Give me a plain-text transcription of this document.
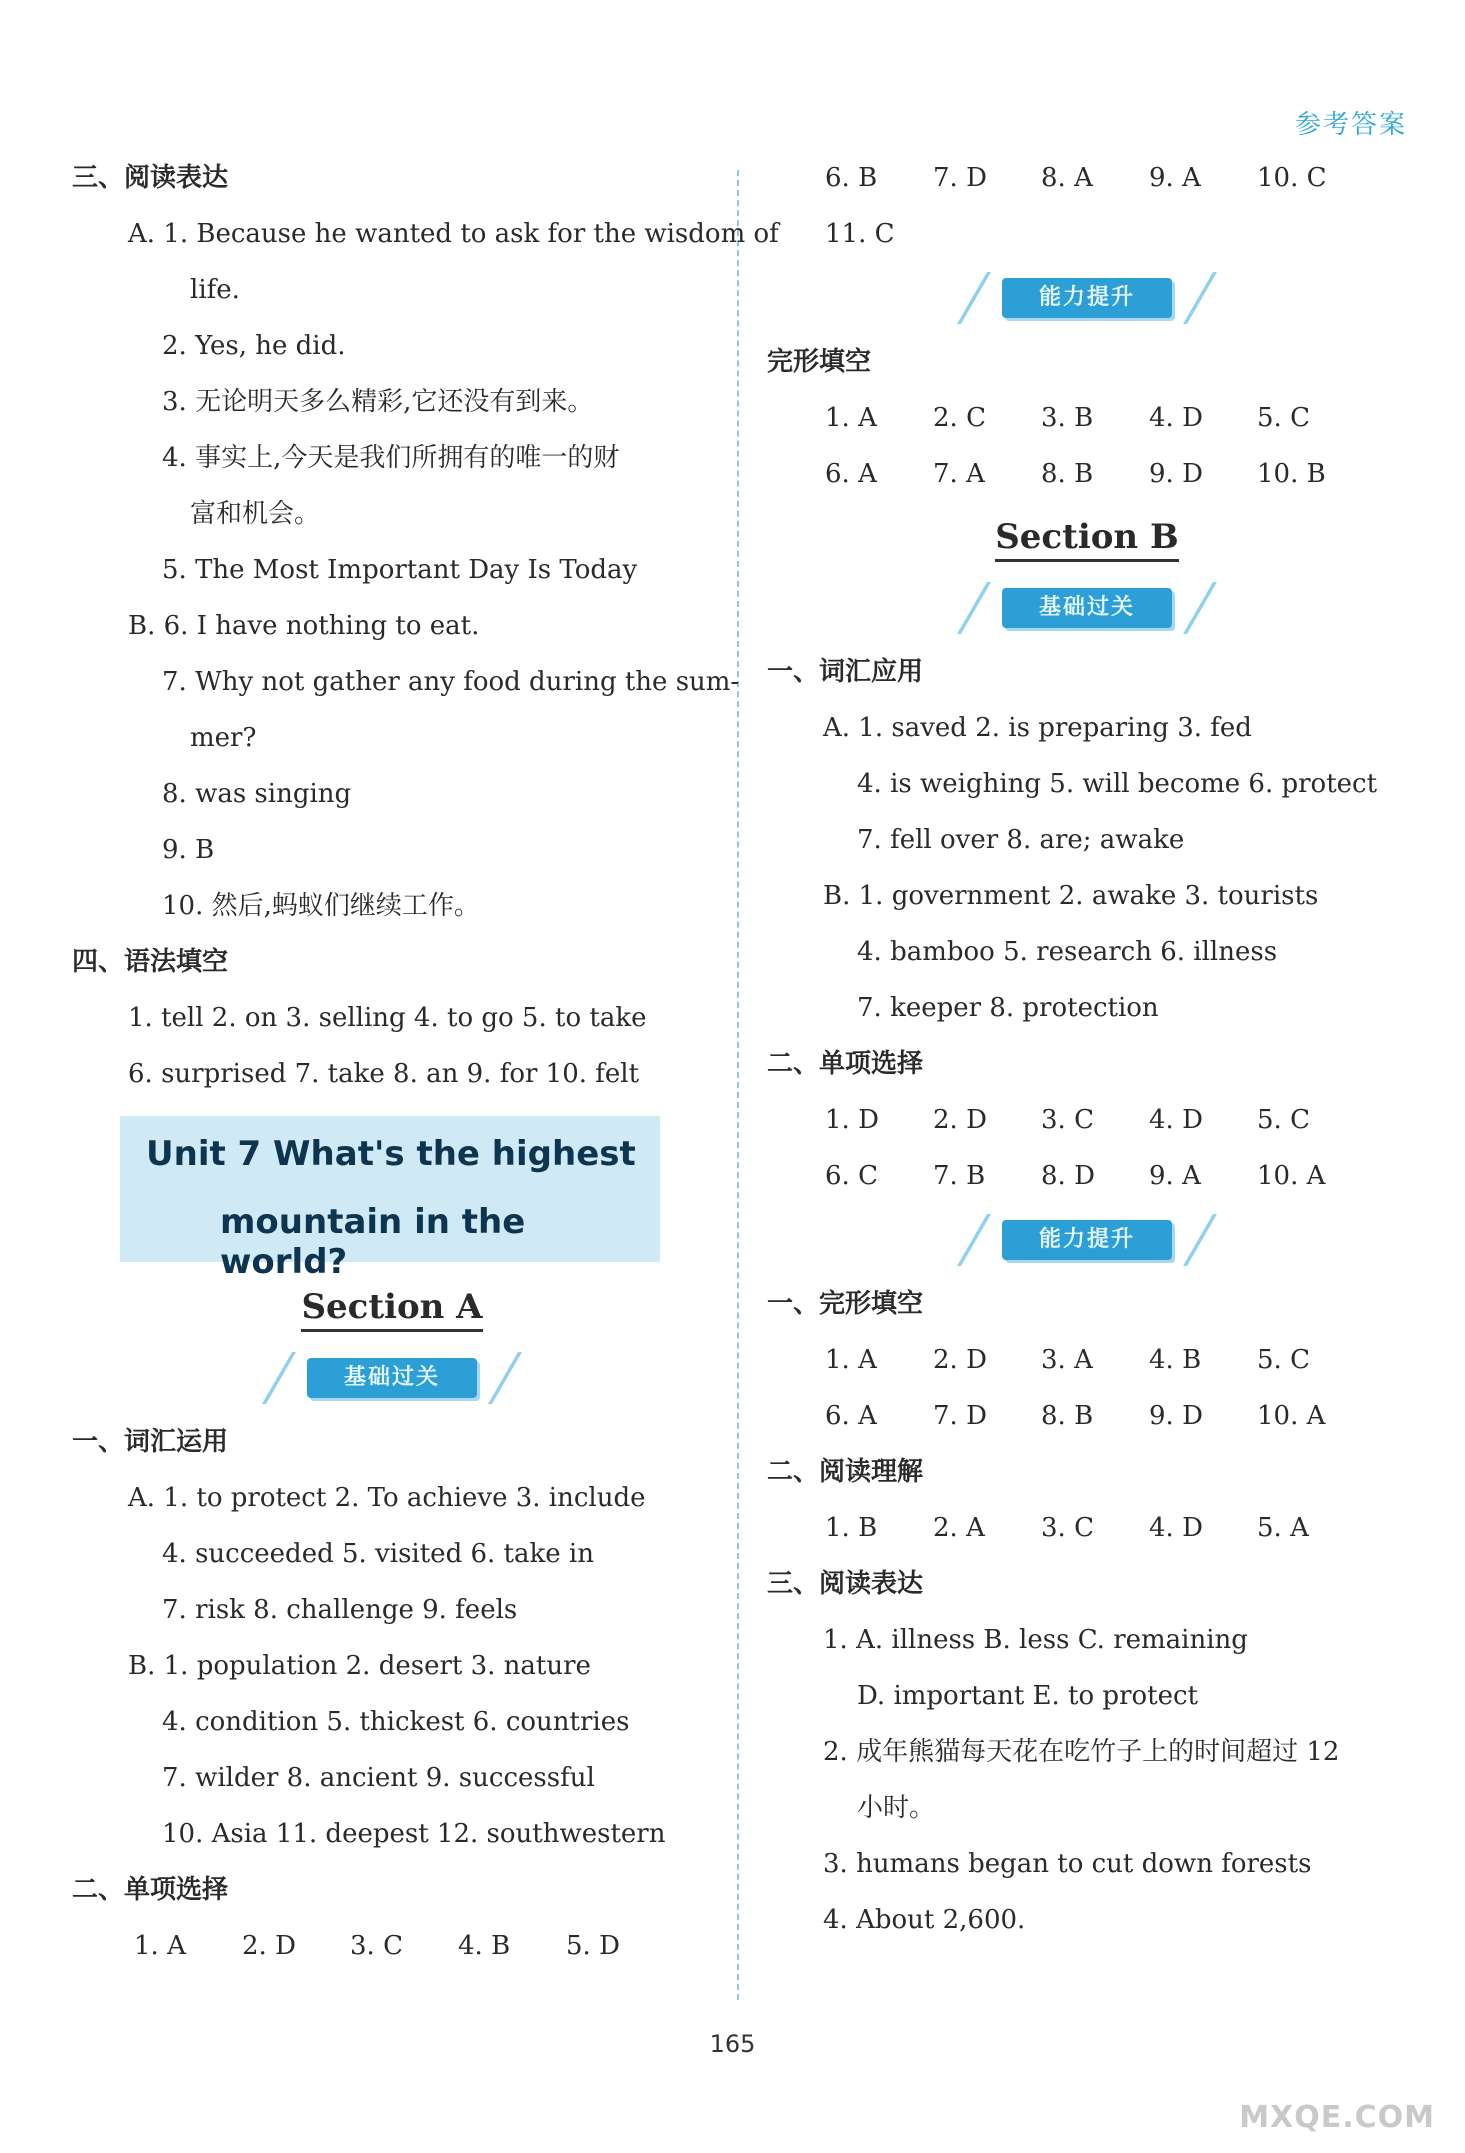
参考答案
三、阅读表达
A. 1. Because he wanted to ask for the wisdom of
life.
2. Yes, he did.
3. 无论明天多么精彩,它还没有到来。
4. 事实上,今天是我们所拥有的唯一的财
富和机会。
5. The Most Important Day Is Today
B. 6. I have nothing to eat.
7. Why not gather any food during the sum-
mer?
8. was singing
9. B
10. 然后,蚂蚁们继续工作。
四、语法填空
1. tell 2. on 3. selling 4. to go 5. to take
6. surprised 7. take 8. an 9. for 10. felt
Unit 7 What's the highest
mountain in the world?
Section A
基础过关
一、词汇运用
A. 1. to protect 2. To achieve 3. include
4. succeeded 5. visited 6. take in
7. risk 8. challenge 9. feels
B. 1. population 2. desert 3. nature
4. condition 5. thickest 6. countries
7. wilder 8. ancient 9. successful
10. Asia 11. deepest 12. southwestern
二、单项选择
1. A	2. D	3. C	4. B	5. D
6. B	7. D	8. A	9. A	10. C
11. C
能力提升
完形填空
1. A	2. C	3. B	4. D	5. C
6. A	7. A	8. B	9. D	10. B
Section B
基础过关
一、词汇应用
A. 1. saved 2. is preparing 3. fed
4. is weighing 5. will become 6. protect
7. fell over 8. are; awake
B. 1. government 2. awake 3. tourists
4. bamboo 5. research 6. illness
7. keeper 8. protection
二、单项选择
1. D	2. D	3. C	4. D	5. C
6. C	7. B	8. D	9. A	10. A
能力提升
一、完形填空
1. A	2. D	3. A	4. B	5. C
6. A	7. D	8. B	9. D	10. A
二、阅读理解
1. B	2. A	3. C	4. D	5. A
三、阅读表达
1. A. illness B. less C. remaining
D. important E. to protect
2. 成年熊猫每天花在吃竹子上的时间超过 12
小时。
3. humans began to cut down forests
4. About 2,600.
165
MXQE.COM
